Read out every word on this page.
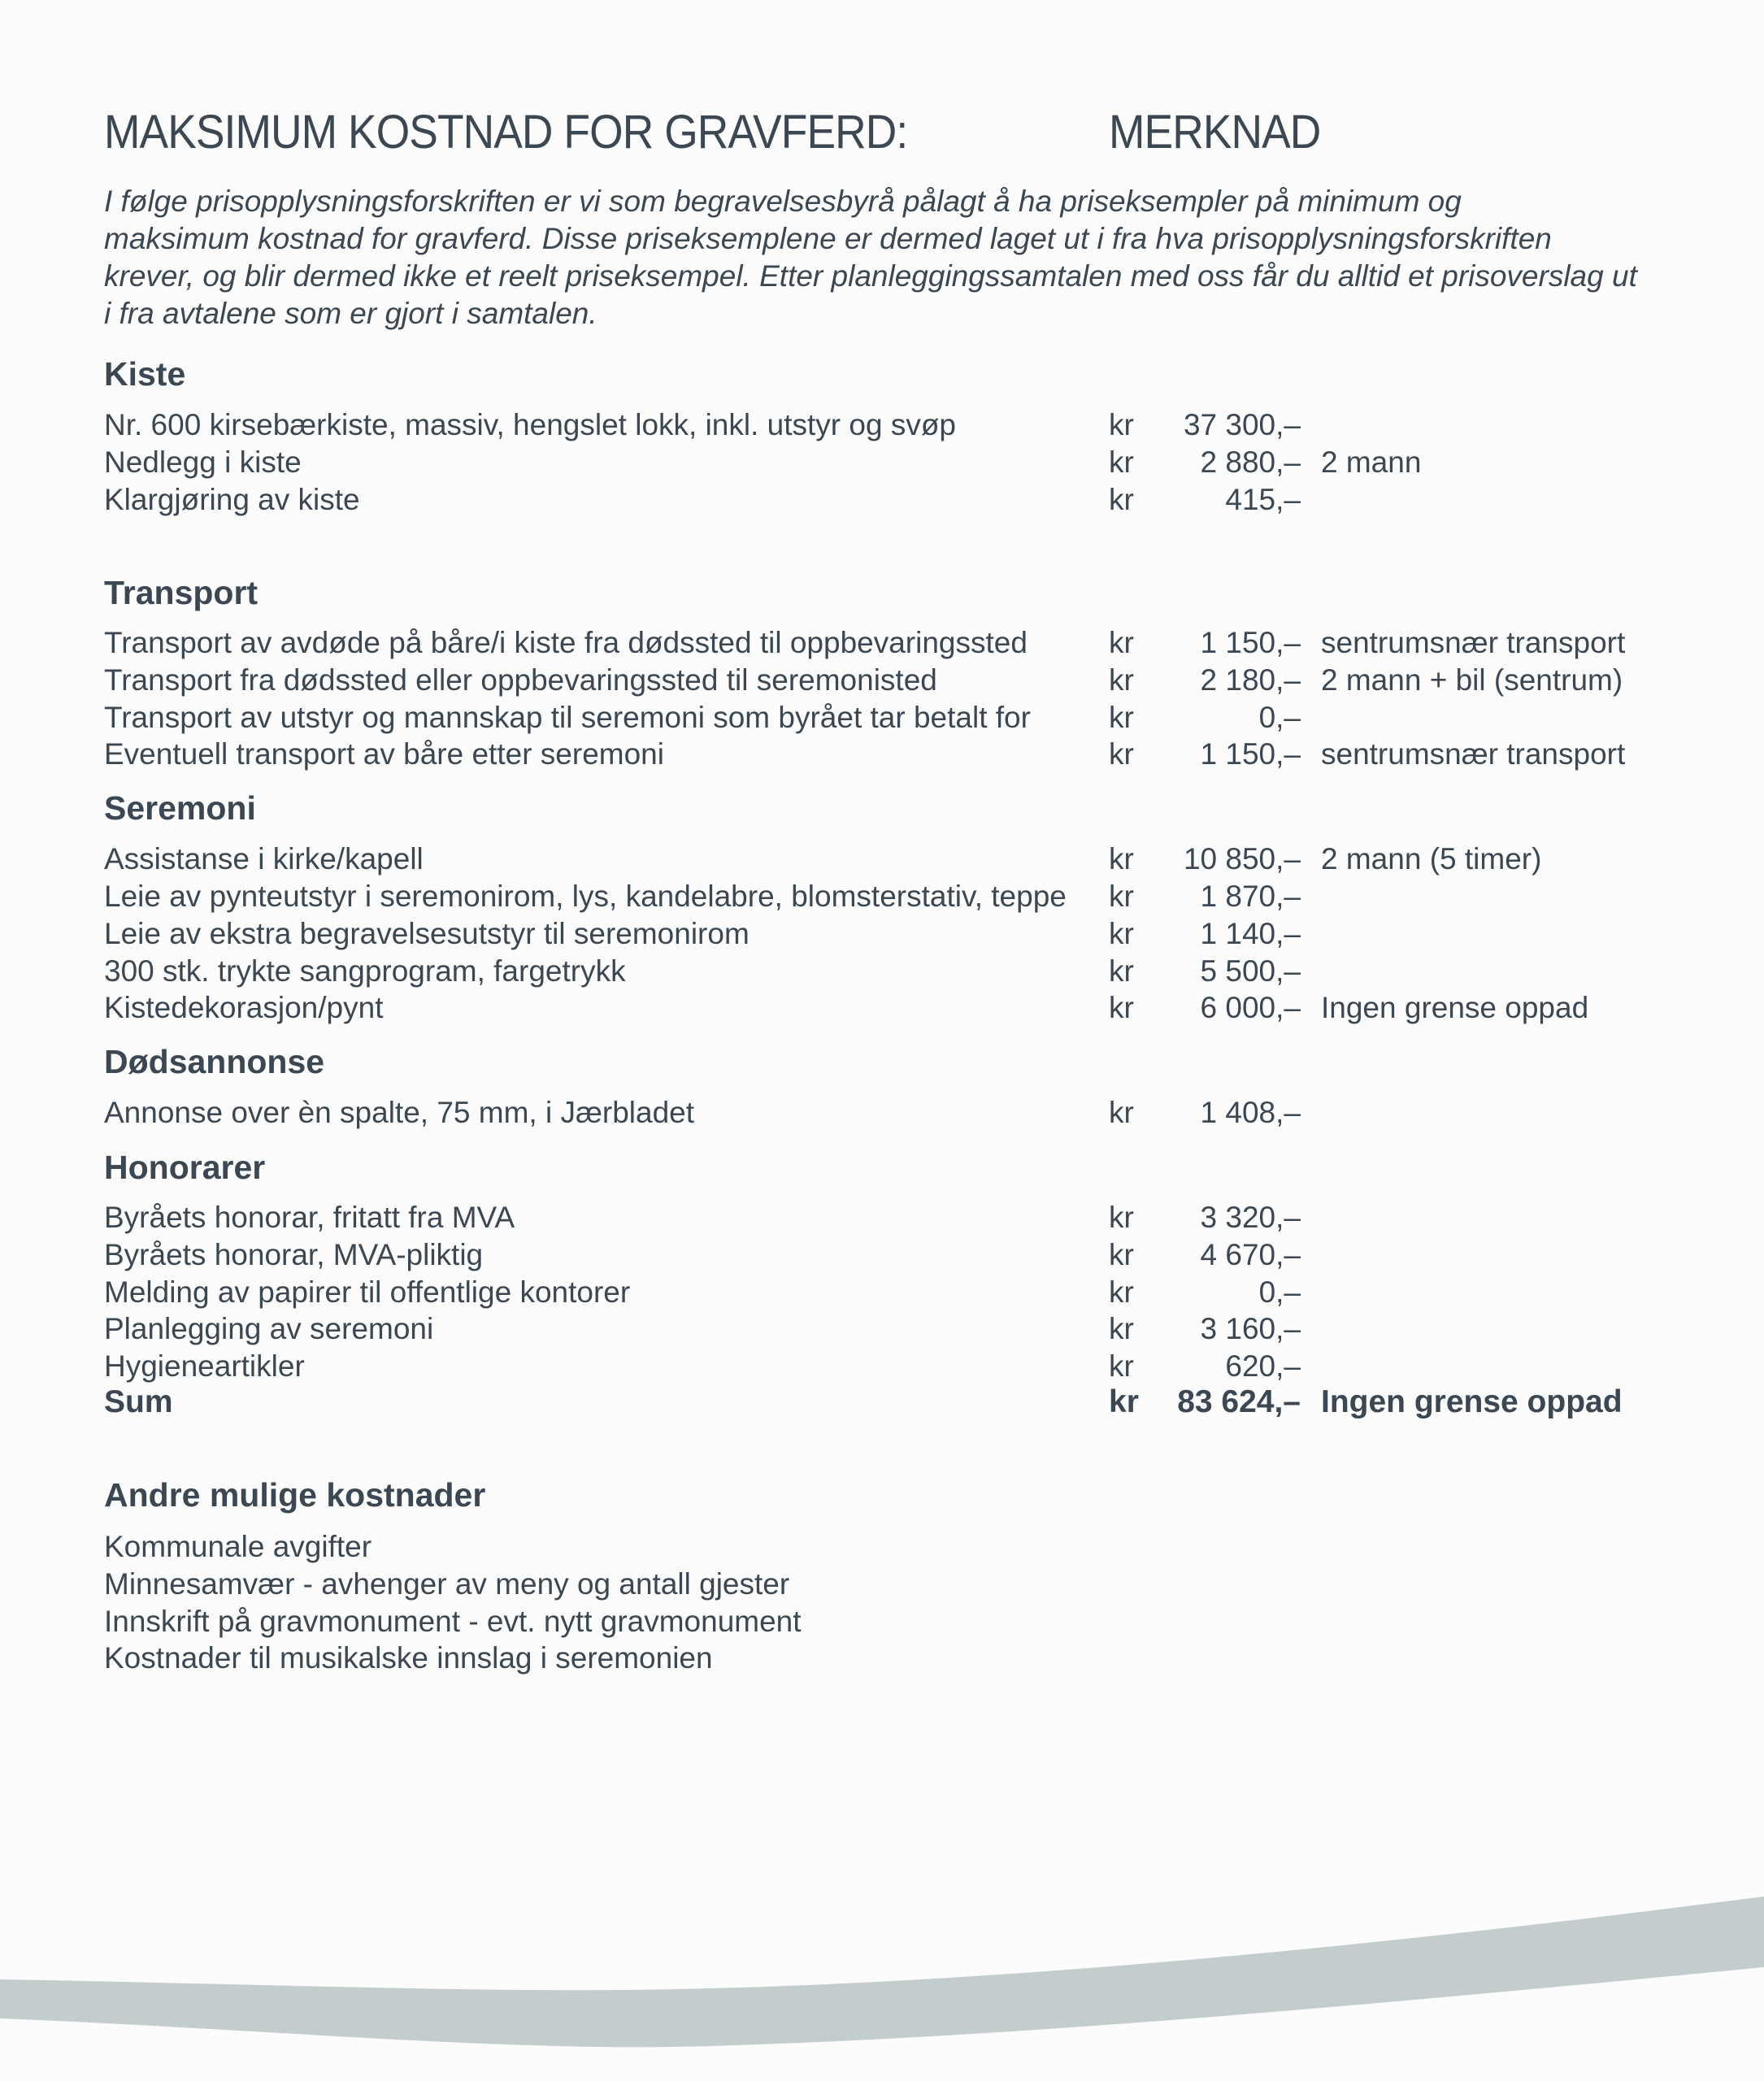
MAKSIMUM KOSTNAD FOR GRAVFERD:	MERKNAD
I følge prisopplysningsforskriften er vi som begravelsesbyrå pålagt å ha priseksempler på minimum og
maksimum kostnad for gravferd. Disse priseksemplene er dermed laget ut i fra hva prisopplysningsforskriften
krever, og blir dermed ikke et reelt priseksempel. Etter planleggingssamtalen med oss får du alltid et prisoverslag ut
i fra avtalene som er gjort i samtalen.
Kiste
Nr. 600 kirsebærkiste, massiv, hengslet lokk, inkl. utstyr og svøp	kr 37 300,–
Nedlegg i kiste	kr 2 880,– 2 mann
Klargjøring av kiste	kr	415,–
Transport
Transport av avdøde på båre/i kiste fra dødssted til oppbevaringssted	kr 1 150,– sentrumsnær transport
Transport fra dødssted eller oppbevaringssted til seremonisted	kr 2 180,– 2 mann + bil (sentrum)
Transport av utstyr og mannskap til seremoni som byrået tar betalt for	kr	0,–
Eventuell transport av båre etter seremoni	kr 1 150,– sentrumsnær transport
Seremoni
Assistanse i kirke/kapell	kr 10 850,– 2 mann (5 timer)
Leie av pynteutstyr i seremonirom, lys, kandelabre, blomsterstativ, teppe kr 1 870,–
Leie av ekstra begravelsesutstyr til seremonirom	kr 1 140,–
300 stk. trykte sangprogram, fargetrykk	kr 5 500,–
Kistedekorasjon/pynt	kr 6 000,– Ingen grense oppad
Dødsannonse
Annonse over èn spalte, 75 mm, i Jærbladet	kr 1 408,–
Honorarer
Byråets honorar, fritatt fra MVA	kr 3 320,–
Byråets honorar, MVA-pliktig	kr 4 670,–
Melding av papirer til offentlige kontorer	kr	0,–
Planlegging av seremoni	kr 3 160,–
Hygieneartikler	kr	620,–
Sum	kr 83 624,– Ingen grense oppad
Andre mulige kostnader
Kommunale avgifter
Minnesamvær - avhenger av meny og antall gjester
Innskrift på gravmonument - evt. nytt gravmonument
Kostnader til musikalske innslag i seremonien
